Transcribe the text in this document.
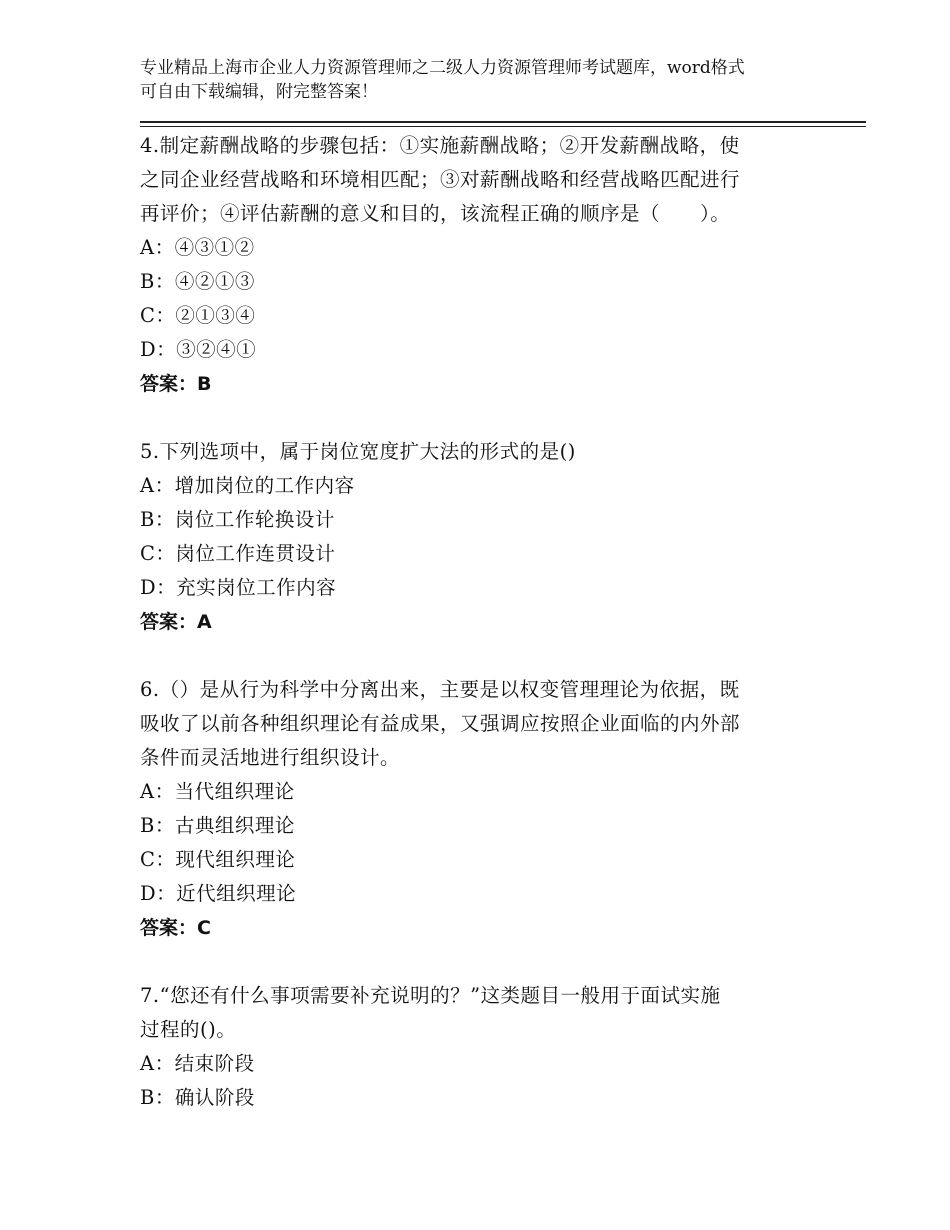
专业精品上海市企业人力资源管理师之二级人力资源管理师考试题库，word格式
可自由下载编辑，附完整答案！
4.制定薪酬战略的步骤包括：①实施薪酬战略；②开发薪酬战略，使
之同企业经营战略和环境相匹配；③对薪酬战略和经营战略匹配进行
再评价；④评估薪酬的意义和目的，该流程正确的顺序是（　　）。
A：④③①②
B：④②①③
C：②①③④
D：③②④①
答案：B
5.下列选项中，属于岗位宽度扩大法的形式的是()
A：增加岗位的工作内容
B：岗位工作轮换设计
C：岗位工作连贯设计
D：充实岗位工作内容
答案：A
6.（）是从行为科学中分离出来，主要是以权变管理理论为依据，既
吸收了以前各种组织理论有益成果，又强调应按照企业面临的内外部
条件而灵活地进行组织设计。
A：当代组织理论
B：古典组织理论
C：现代组织理论
D：近代组织理论
答案：C
7.“您还有什么事项需要补充说明的？”这类题目一般用于面试实施
过程的()。
A：结束阶段
B：确认阶段
